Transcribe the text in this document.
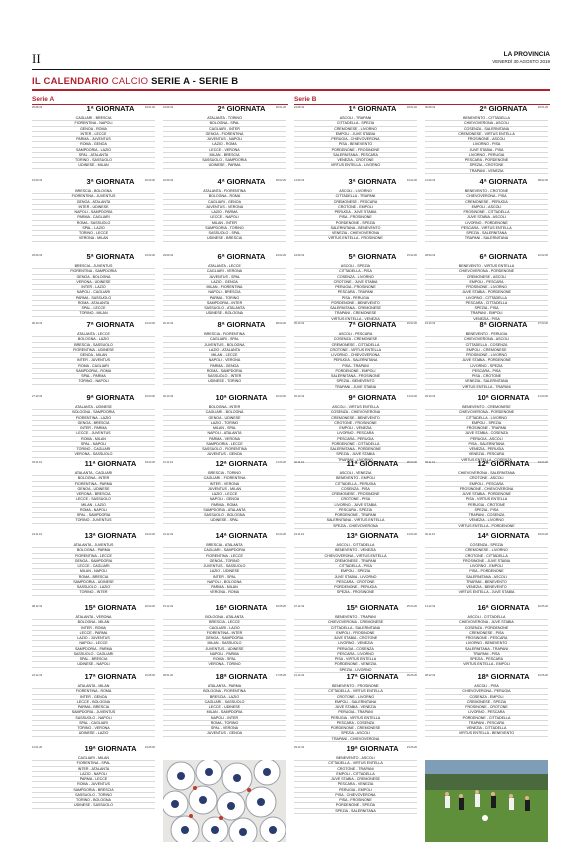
II	LA PROVINCIA
VENERDÌ 30 AGOSTO 2019
IL CALENDARIO CALCIO SERIE A - SERIE B
Serie A	Serie B
25.08.19	1ª GIORNATA	19.01.20
CAGLIARI - BRESCIA
FIORENTINA - NAPOLI
GENOA - ROMA
INTER - LECCE
PARMA - JUVENTUS
ROMA - GENOA
SAMPDORIA - LAZIO
SPAL - ATALANTA
TORINO - SASSUOLO
UDINESE - MILAN
01.09.19	2ª GIORNATA	26.01.20
ATALANTA - TORINO
BOLOGNA - SPAL
CAGLIARI - INTER
GENOA - FIORENTINA
JUVENTUS - NAPOLI
LAZIO - ROMA
LECCE - VERONA
MILAN - BRESCIA
SASSUOLO - SAMPDORIA
UDINESE - PARMA
15.09.19	3ª GIORNATA	02.02.20
BRESCIA - BOLOGNA
FIORENTINA - JUVENTUS
GENOA - ATALANTA
INTER - UDINESE
NAPOLI - SAMPDORIA
PARMA - CAGLIARI
ROMA - SASSUOLO
SPAL - LAZIO
TORINO - LECCE
VERONA - MILAN
22.09.19	4ª GIORNATA	09.02.20
ATALANTA - FIORENTINA
BOLOGNA - ROMA
CAGLIARI - GENOA
JUVENTUS - VERONA
LAZIO - PARMA
LECCE - NAPOLI
MILAN - INTER
SAMPDORIA - TORINO
SASSUOLO - SPAL
UDINESE - BRESCIA
25.09.19	5ª GIORNATA	16.02.20
BRESCIA - JUVENTUS
FIORENTINA - SAMPDORIA
GENOA - BOLOGNA
VERONA - UDINESE
INTER - LAZIO
NAPOLI - CAGLIARI
PARMA - SASSUOLO
ROMA - ATALANTA
SPAL - LECCE
TORINO - MILAN
29.09.19	6ª GIORNATA	23.02.20
ATALANTA - LECCE
CAGLIARI - VERONA
JUVENTUS - SPAL
LAZIO - GENOA
MILAN - FIORENTINA
NAPOLI - BRESCIA
PARMA - TORINO
SAMPDORIA - INTER
SASSUOLO - ATALANTA
UDINESE - BOLOGNA
06.10.19	7ª GIORNATA	01.03.20
ATALANTA - LECCE
BOLOGNA - LAZIO
BRESCIA - SASSUOLO
FIORENTINA - UDINESE
GENOA - MILAN
INTER - JUVENTUS
ROMA - CAGLIARI
SAMPDORIA - ROMA
SPAL - PARMA
TORINO - NAPOLI
20.10.19	8ª GIORNATA	08.03.20
BRESCIA - FIORENTINA
CAGLIARI - SPAL
JUVENTUS - BOLOGNA
LAZIO - ATALANTA
MILAN - LECCE
NAPOLI - VERONA
PARMA - GENOA
ROMA - SAMPDORIA
SASSUOLO - INTER
UDINESE - TORINO
27.10.19	9ª GIORNATA	15.03.20
ATALANTA - UDINESE
BOLOGNA - SAMPDORIA
FIORENTINA - LAZIO
GENOA - BRESCIA
INTER - PARMA
LECCE - JUVENTUS
ROMA - MILAN
SPAL - NAPOLI
TORINO - CAGLIARI
VERONA - SASSUOLO
30.10.19	10ª GIORNATA	22.03.20
BOLOGNA - INTER
CAGLIARI - BOLOGNA
GENOA - UDINESE
LAZIO - TORINO
MILAN - SPAL
NAPOLI - ATALANTA
PARMA - VERONA
SAMPDORIA - LECCE
SASSUOLO - FIORENTINA
JUVENTUS - GENOA
03.11.19	11ª GIORNATA	04.04.20
ATALANTA - CAGLIARI
BOLOGNA - INTER
FIORENTINA - PARMA
GENOA - UDINESE
VERONA - BRESCIA
LECCE - SASSUOLO
MILAN - LAZIO
ROMA - NAPOLI
SPAL - SAMPDORIA
TORINO - JUVENTUS
10.11.19	12ª GIORNATA	11.04.20
BRESCIA - TORINO
CAGLIARI - FIORENTINA
INTER - VERONA
JUVENTUS - MILAN
LAZIO - LECCE
NAPOLI - GENOA
PARMA - ROMA
SAMPDORIA - ATALANTA
SASSUOLO - BOLOGNA
UDINESE - SPAL
24.11.19	13ª GIORNATA	19.04.20
ATALANTA - JUVENTUS
BOLOGNA - PARMA
FIORENTINA - LECCE
GENOA - SAMPDORIA
LECCE - CAGLIARI
MILAN - NAPOLI
ROMA - BRESCIA
SAMPDORIA - UDINESE
SASSUOLO - LAZIO
TORINO - INTER
01.12.19	14ª GIORNATA	22.04.20
BRESCIA - ATALANTA
CAGLIARI - SAMPDORIA
FIORENTINA - LECCE
GENOA - TORINO
JUVENTUS - SASSUOLO
LAZIO - UDINESE
INTER - SPAL
NAPOLI - BOLOGNA
PARMA - MILAN
VERONA - ROMA
08.12.19	15ª GIORNATA	26.04.20
ATALANTA - VERONA
BOLOGNA - MILAN
INTER - ROMA
LECCE - PARMA
LAZIO - JUVENTUS
NAPOLI - LECCE
SAMPDORIA - PARMA
SASSUOLO - CAGLIARI
SPAL - BRESCIA
UDINESE - NAPOLI
15.12.19	16ª GIORNATA	03.05.20
BOLOGNA - ATALANTA
BRESCIA - LECCE
CAGLIARI - LAZIO
FIORENTINA - INTER
GENOA - SAMPDORIA
MILAN - SASSUOLO
JUVENTUS - UDINESE
NAPOLI - PARMA
ROMA - SPAL
VERONA - TORINO
22.12.19	17ª GIORNATA	10.05.20
ATALANTA - MILAN
FIORENTINA - ROMA
INTER - GENOA
LECCE - BOLOGNA
PARMA - BRESCIA
SAMPDORIA - JUVENTUS
SASSUOLO - NAPOLI
SPAL - CAGLIARI
TORINO - VERONA
UDINESE - LAZIO
06.01.20	18ª GIORNATA	17.05.20
ATALANTA - PARMA
BOLOGNA - FIORENTINA
BRESCIA - LAZIO
CAGLIARI - SASSUOLO
LECCE - UDINESE
MILAN - SAMPDORIA
NAPOLI - INTER
ROMA - TORINO
SPAL - VERONA
JUVENTUS - GENOA
12.01.20	19ª GIORNATA	24.05.20
CAGLIARI - MILAN
FIORENTINA - SPAL
INTER - ATALANTA
LAZIO - NAPOLI
PARMA - LECCE
ROMA - JUVENTUS
SAMPDORIA - BRESCIA
SASSUOLO - TORINO
TORINO - BOLOGNA
UDINESE - SASSUOLO
24.08.19	1ª GIORNATA	18.01.20
ASCOLI - TRAPANI
CITTADELLA - SPEZIA
CREMONESE - LIVORNO
EMPOLI - JUVE STABIA
PERUGIA - CHIEVOVERONA
PISA - BENEVENTO
PORDENONE - FROSINONE
SALERNITANA - PESCARA
VENEZIA - CROTONE
VIRTUS ENTELLA - LIVORNO
30.08.19	2ª GIORNATA	25.01.20
BENEVENTO - CITTADELLA
CHIEVOVERONA - ASCOLI
COSENZA - SALERNITANA
CREMONESE - VIRTUS ENTELLA
FROSINONE - ASCOLI
LIVORNO - PISA
JUVE STABIA - PISA
LIVORNO - PERUGIA
PESCARA - PORDENONE
SPEZIA - CROTONE
TRAPANI - VENEZIA
14.09.19	3ª GIORNATA	01.02.20
ASCOLI - LIVORNO
CITTADELLA - TRAPANI
CREMONESE - PESCARA
CROTONE - EMPOLI
PERUGIA - JUVE STABIA
PISA - FROSINONE
PORDENONE - SPEZIA
SALERNITANA - BENEVENTO
VENEZIA - CHIEVOVERONA
VIRTUS ENTELLA - FROSINONE
21.09.19	4ª GIORNATA	08.02.20
BENEVENTO - CROTONE
CHIEVOVERONA - PISA
CREMONESE - PERUGIA
EMPOLI - ASCOLI
FROSINONE - CITTADELLA
JUVE STABIA - ASCOLI
LIVORNO - PORDENONE
PESCARA - VIRTUS ENTELLA
SPEZIA - SALERNITANA
TRAPANI - SALERNITANA
24.09.19	5ª GIORNATA	15.02.20
ASCOLI - SPEZIA
CITTADELLA - PISA
COSENZA - LIVORNO
CROTONE - JUVE STABIA
PERUGIA - FROSINONE
PESCARA - TRAPANI
PISA - PERUGIA
PORDENONE - BENEVENTO
SALERNITANA - CREMONESE
TRAPANI - CREMONESE
VIRTUS ENTELLA - VENEZIA
28.09.19	6ª GIORNATA	22.02.20
BENEVENTO - VIRTUS ENTELLA
CHIEVOVERONA - PORDENONE
CREMONESE - ASCOLI
EMPOLI - PESCARA
FROSINONE - LIVORNO
JUVE STABIA - PORDENONE
LIVORNO - CITTADELLA
PESCARA - CITTADELLA
SPEZIA - PISA
TRAPANI - EMPOLI
VENEZIA - PISA
05.10.19	7ª GIORNATA	29.02.20
ASCOLI - PESCARA
COSENZA - CREMONESE
CREMONESE - CITTADELLA
CROTONE - VIRTUS ENTELLA
LIVORNO - CHIEVOVERONA
PERUGIA - SALERNITANA
PISA - TRAPANI
PORDENONE - EMPOLI
SALERNITANA - FROSINONE
SPEZIA - BENEVENTO
TRAPANI - JUVE STABIA
19.10.19	8ª GIORNATA	07.03.20
BENEVENTO - PERUGIA
CHIEVOVERONA - ASCOLI
CITTADELLA - COSENZA
EMPOLI - CREMONESE
FROSINONE - LIVORNO
JUVE STABIA - PORDENONE
LIVORNO - SPEZIA
PESCARA - PISA
PISA - CROTONE
VENEZIA - SALERNITANA
VIRTUS ENTELLA - TRAPANI
26.10.19	9ª GIORNATA	14.03.20
ASCOLI - VIRTUS ENTELLA
COSENZA - CHIEVOVERONA
CREMONESE - BENEVENTO
CROTONE - FROSINONE
EMPOLI - VENEZIA
LIVORNO - PESCARA
PESCARA - PERUGIA
PORDENONE - CITTADELLA
SALERNITANA - PORDENONE
SPEZIA - JUVE STABIA
TRAPANI - LIVORNO
29.10.19	10ª GIORNATA	21.03.20
BENEVENTO - CREMONESE
CHIEVOVERONA - PORDENONE
CITTADELLA - LIVORNO
EMPOLI - SPEZIA
FROSINONE - TRAPANI
JUVE STABIA - COSENZA
PERUGIA - ASCOLI
PISA - SALERNITANA
VENEZIA - PERUGIA
VENEZIA - PESCARA
VIRTUS ENTELLA - COSENZA
02.11.19	11ª GIORNATA	28.03.20
ASCOLI - VENEZIA
BENEVENTO - EMPOLI
CITTADELLA - PERUGIA
COSENZA - PISA
CREMONESE - FROSINONE
CROTONE - PISA
LIVORNO - JUVE STABIA
PESCARA - SPEZIA
PORDENONE - TRAPANI
SALERNITANA - VIRTUS ENTELLA
SPEZIA - CHIEVOVERONA
09.11.19	12ª GIORNATA	04.04.20
CHIEVOVERONA - SALERNITANA
CROTONE - ASCOLI
EMPOLI - PESCARA
FROSINONE - CHIEVOVERONA
JUVE STABIA - PORDENONE
PISA - VIRTUS ENTELLA
PERUGIA - CROTONE
SPEZIA - PISA
TRAPANI - COSENZA
VENEZIA - LIVORNO
VIRTUS ENTELLA - PORDENONE
23.11.19	13ª GIORNATA	13.04.20
ASCOLI - CITTADELLA
BENEVENTO - VENEZIA
CHIEVOVERONA - VIRTUS ENTELLA
CREMONESE - TRAPANI
CITTADELLA - PISA
EMPOLI - SPEZIA
JUVE STABIA - LIVORNO
PESCARA - CROTONE
PORDENONE - PERUGIA
SPEZIA - FROSINONE
30.11.19	14ª GIORNATA	18.04.20
COSENZA - SPEZIA
CREMONESE - LIVORNO
CROTONE - CITTADELLA
FROSINONE - JUVE STABIA
LIVORNO - EMPOLI
PISA - PORDENONE
SALERNITANA - ASCOLI
TRAPANI - BENEVENTO
VENEZIA - BENEVENTO
VIRTUS ENTELLA - JUVE STABIA
07.12.19	15ª GIORNATA	25.04.20
BENEVENTO - TRAPANI
CHIEVOVERONA - CREMONESE
CITTADELLA - SALERNITANA
EMPOLI - FROSINONE
JUVE STABIA - CROTONE
LIVORNO - VENEZIA
PERUGIA - COSENZA
PESCARA - LIVORNO
PISA - VIRTUS ENTELLA
PORDENONE - VENEZIA
SPEZIA - LIVORNO
14.12.19	16ª GIORNATA	02.05.20
ASCOLI - CITTADELLA
CHIEVOVERONA - JUVE STABIA
COSENZA - PORDENONE
CREMONESE - PISA
FROSINONE - PESCARA
LIVORNO - BENEVENTO
SALERNITANA - TRAPANI
TRAPANI - PISA
SPEZIA - PESCARA
VIRTUS ENTELLA - EMPOLI
21.12.19	17ª GIORNATA	09.05.20
BENEVENTO - FROSINONE
CITTADELLA - VIRTUS ENTELLA
CROTONE - LIVORNO
EMPOLI - SALERNITANA
JUVE STABIA - VENEZIA
PERUGIA - TRAPANI
PERUGIA - VIRTUS ENTELLA
PESCARA - COSENZA
PORDENONE - CREMONESE
SPEZIA - ASCOLI
TRAPANI - CHIEVOVERONA
28.12.19	18ª GIORNATA	16.05.20
ASCOLI - PISA
CHIEVOVERONA - PERUGIA
COSENZA - EMPOLI
CREMONESE - SPEZIA
FROSINONE - CROTONE
LIVORNO - PESCARA
PORDENONE - CITTADELLA
TRAPANI - PESCARA
VENEZIA - CITTADELLA
VIRTUS ENTELLA - BENEVENTO
29.12.19	19ª GIORNATA	23.05.20
BENEVENTO - ASCOLI
CITTADELLA - VIRTUS ENTELLA
CROTONE - TRAPANI
EMPOLI - CITTADELLA
JUVE STABIA - CREMONESE
PESCARA - VENEZIA
PERUGIA - EMPOLI
PISA - CHIEVOVERONA
PISA - FROSINONE
PORDENONE - SPEZIA
SPEZIA - SALERNITANA
